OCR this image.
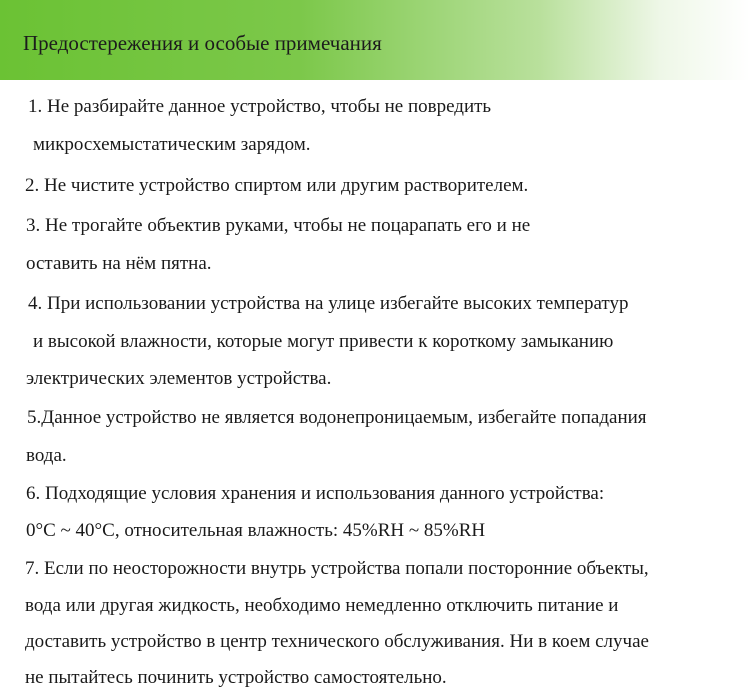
Предостережения и особые примечания
1. Не разбирайте данное устройство, чтобы не повредить
микросхемыстатическим зарядом.
2. Не чистите устройство спиртом или другим растворителем.
3. Не трогайте объектив руками, чтобы не поцарапать его и не
оставить на нём пятна.
4. При использовании устройства на улице избегайте высоких температур
и высокой влажности, которые могут привести к короткому замыканию
электрических элементов устройства.
5.Данное устройство не является водонепроницаемым, избегайте попадания
вода.
6. Подходящие условия хранения и использования данного устройства:
0°C ~ 40°C, относительная влажность: 45%RH ~ 85%RH
7. Если по неосторожности внутрь устройства попали посторонние объекты,
вода или другая жидкость, необходимо немедленно отключить питание и
доставить устройство в центр технического обслуживания. Ни в коем случае
не пытайтесь починить устройство самостоятельно.
